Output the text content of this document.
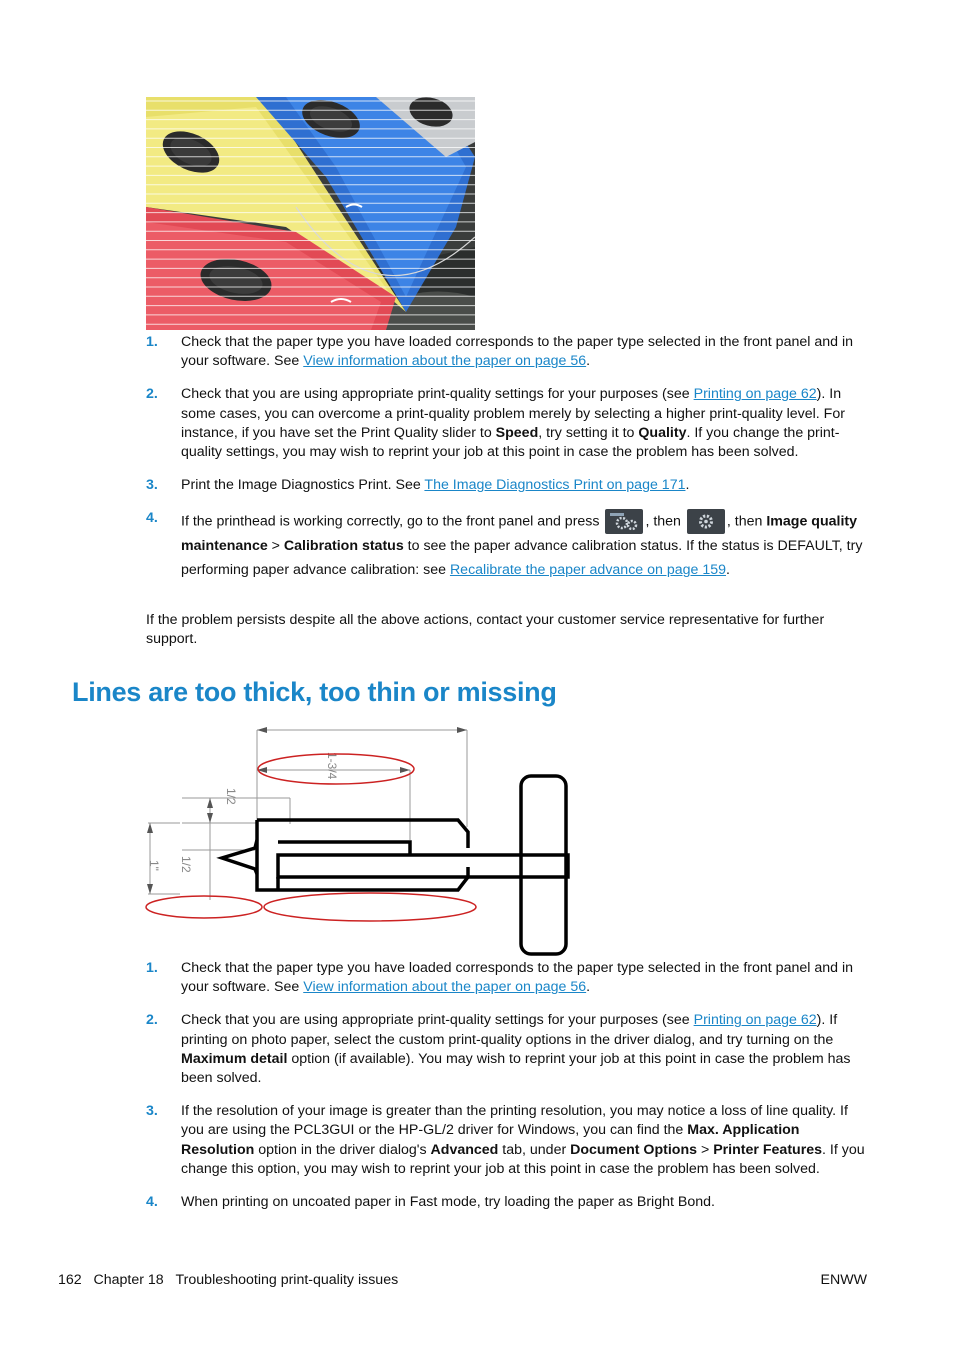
1. Check that the paper type you have loaded corresponds to the paper type selected in the front panel and in your software. See View information about the paper on page 56.
2. Check that you are using appropriate print-quality settings for your purposes (see Printing on page 62). In some cases, you can overcome a print-quality problem merely by selecting a higher print-quality level. For instance, if you have set the Print Quality slider to Speed, try setting it to Quality. If you change the print-quality settings, you may wish to reprint your job at this point in case the problem has been solved.
3. Print the Image Diagnostics Print. See The Image Diagnostics Print on page 171.
4. If the printhead is working correctly, go to the front panel and press	, then	, then Image quality maintenance > Calibration status to see the paper advance calibration status. If the status is DEFAULT, try performing paper advance calibration: see Recalibrate the paper advance on page 159.
If the problem persists despite all the above actions, contact your customer service representative for further support.
Lines are too thick, too thin or missing
1-3/4
1/2
1/2
1"
1. Check that the paper type you have loaded corresponds to the paper type selected in the front panel and in your software. See View information about the paper on page 56.
2. Check that you are using appropriate print-quality settings for your purposes (see Printing on page 62). If printing on photo paper, select the custom print-quality options in the driver dialog, and try turning on the Maximum detail option (if available). You may wish to reprint your job at this point in case the problem has been solved.
3. If the resolution of your image is greater than the printing resolution, you may notice a loss of line quality. If you are using the PCL3GUI or the HP-GL/2 driver for Windows, you can find the Max. Application Resolution option in the driver dialog's Advanced tab, under Document Options > Printer Features. If you change this option, you may wish to reprint your job at this point in case the problem has been solved.
4. When printing on uncoated paper in Fast mode, try loading the paper as Bright Bond.
162 Chapter 18 Troubleshooting print-quality issues	ENWW
